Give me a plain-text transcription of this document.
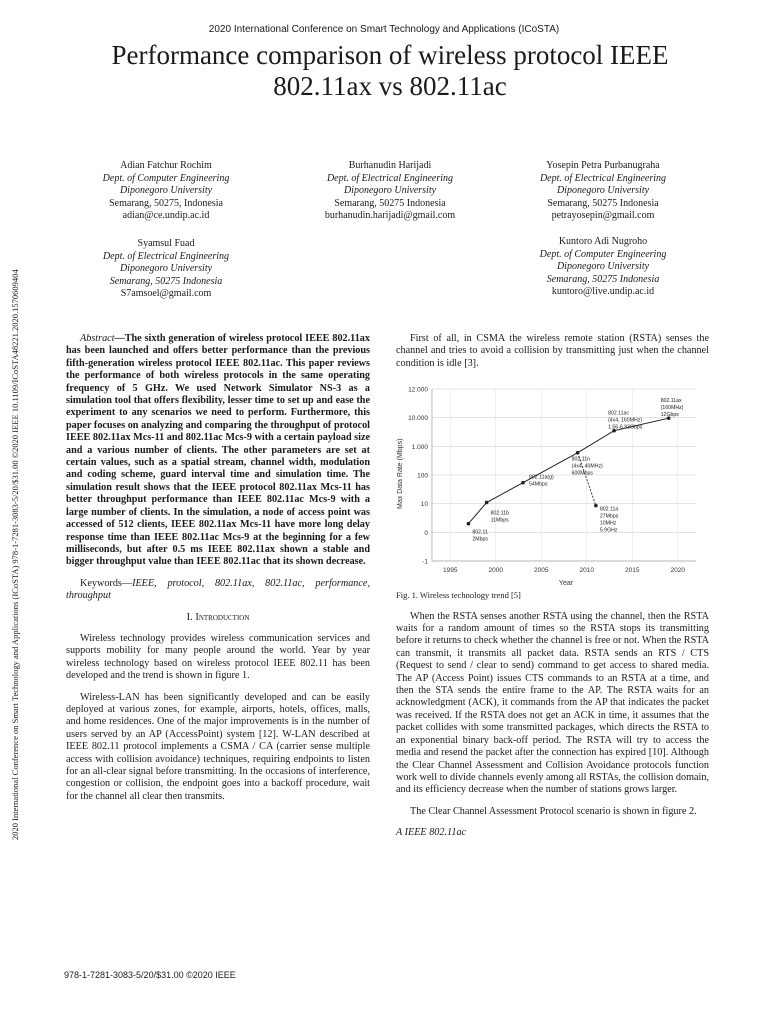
2020 International Conference on Smart Technology and Applications (ICoSTA)
Performance comparison of wireless protocol IEEE
802.11ax vs 802.11ac
Adian Fatchur Rochim
Dept. of Computer Engineering
Diponegoro University
Semarang, 50275, Indonesia
adian@ce.undip.ac.id
Burhanudin Harijadi
Dept. of Electrical Engineering
Diponegoro University
Semarang, 50275 Indonesia
burhanudin.harijadi@gmail.com
Yosepin Petra Purbanugraha
Dept. of Electrical Engineering
Diponegoro University
Semarang, 50275 Indonesia
petrayosepin@gmail.com
Syamsul Fuad
Dept. of Electrical Engineering
Diponegoro University
Semarang, 50275 Indonesia
S7amsoel@gmail.com
Kuntoro Adi Nugroho
Dept. of Computer Engineering
Diponegoro University
Semarang, 50275 Indonesia
kuntoro@live.undip.ac.id
2020 International Conference on Smart Technology and Applications (ICoSTA) 978-1-7281-3083-5/20/$31.00 ©2020 IEEE 10.1109/ICoSTA48221.2020.1570609404	Abstract—The sixth generation of wireless protocol IEEE 802.11ax has been launched and offers better performance than the previous fifth-generation wireless protocol IEEE 802.11ac. This paper reviews the performance of both wireless protocols in the same operating frequency of 5 GHz. We used Network Simulator NS-3 as a simulation tool that offers flexibility, lesser time to set up and ease the experiment to any scenarios we need to perform. Furthermore, this paper focuses on analyzing and comparing the throughput of protocol IEEE 802.11ax Mcs-11 and 802.11ac Mcs-9 with a certain payload size and a various number of clients. The other parameters are set at certain values, such as a spatial stream, channel width, modulation and coding scheme, guard interval time and simulation time. The simulation result shows that the IEEE protocol 802.11ax Mcs-11 has better throughput performance than IEEE 802.11ac Mcs-9 with a large number of clients. In the simulation, a node of access point was accessed of 512 clients, IEEE 802.11ax Mcs-11 have more long delay response time than IEEE 802.11ac Mcs-9 at the beginning for a few milliseconds, but after 0.5 ms IEEE 802.11ax shown a stable and bigger throughput value than IEEE 802.11ac that its shown decrease.

Keywords—IEEE, protocol, 802.11ax, 802.11ac, performance, throughput

I. Introduction

Wireless technology provides wireless communication services and supports mobility for many people around the world. Year by year wireless technology based on wireless protocol IEEE 802.11 has been developed and the trend is shown in figure 1.

Wireless-LAN has been significantly developed and can be easily deployed at various zones, for example, airports, hotels, offices, malls, and home residences. One of the major improvements is in the number of users served by an AP (AccessPoint) system [12]. W-LAN described at IEEE 802.11 protocol implements a CSMA / CA (carrier sense multiple access with collision avoidance) techniques, requiring endpoints to listen for an all-clear signal before transmitting. In the occasions of interference, congestion or collision, the endpoint goes into a backoff procedure, wait for the channel all clear then transmits.

First of all, in CSMA the wireless remote station (RSTA) senses the channel and tries to avoid a collision by transmitting just when the channel condition is idle [3].

12.000
10.000
1.000
100
10
0
-1
1995	2000	2005	2010	2015	2020
802.11
2Mbps
802.11b
11Mbps
802.11a(g)
54Mbps
802.11n
(4x4, 40MHz)
600Mbps
802.11ac
(4x4, 160MHz)
1.56-6.93Gbps
802.11ax
(160MHz)
12Gbps
802.11a
27Mbps
10MHz
5.9GHz
Max Data Rate (Mbps)
Year

Fig. 1. Wireless technology trend [5]

When the RSTA senses another RSTA using the channel, then the RSTA waits for a random amount of times so the RSTA stops its transmitting before it returns to check whether the channel is free or not. When the RSTA can transmit, it transmits all packet data. RSTA sends an RTS / CTS (Request to send / clear to send) command to get access to shared media. The AP (Access Point) issues CTS commands to an RSTA at a time, and then the STA sends the entire frame to the AP. The RSTA waits for an acknowledgment (ACK), it commands from the AP that indicates the packet was received. If the RSTA does not get an ACK in time, it assumes that the packet collides with some transmitted packages, which directs the RSTA to an exponential binary back-off period. The RSTA will try to access the media and resend the packet after the connection has expired [10]. Although the Clear Channel Assessment and Collision Avoidance protocols function work well to divide channels evenly among all RSTAs, the collision domain, and its efficiency decrease when the number of stations grows larger.

The Clear Channel Assessment Protocol scenario is shown in figure 2.

A IEEE 802.11ac

978-1-7281-3083-5/20/$31.00 ©2020 IEEE
